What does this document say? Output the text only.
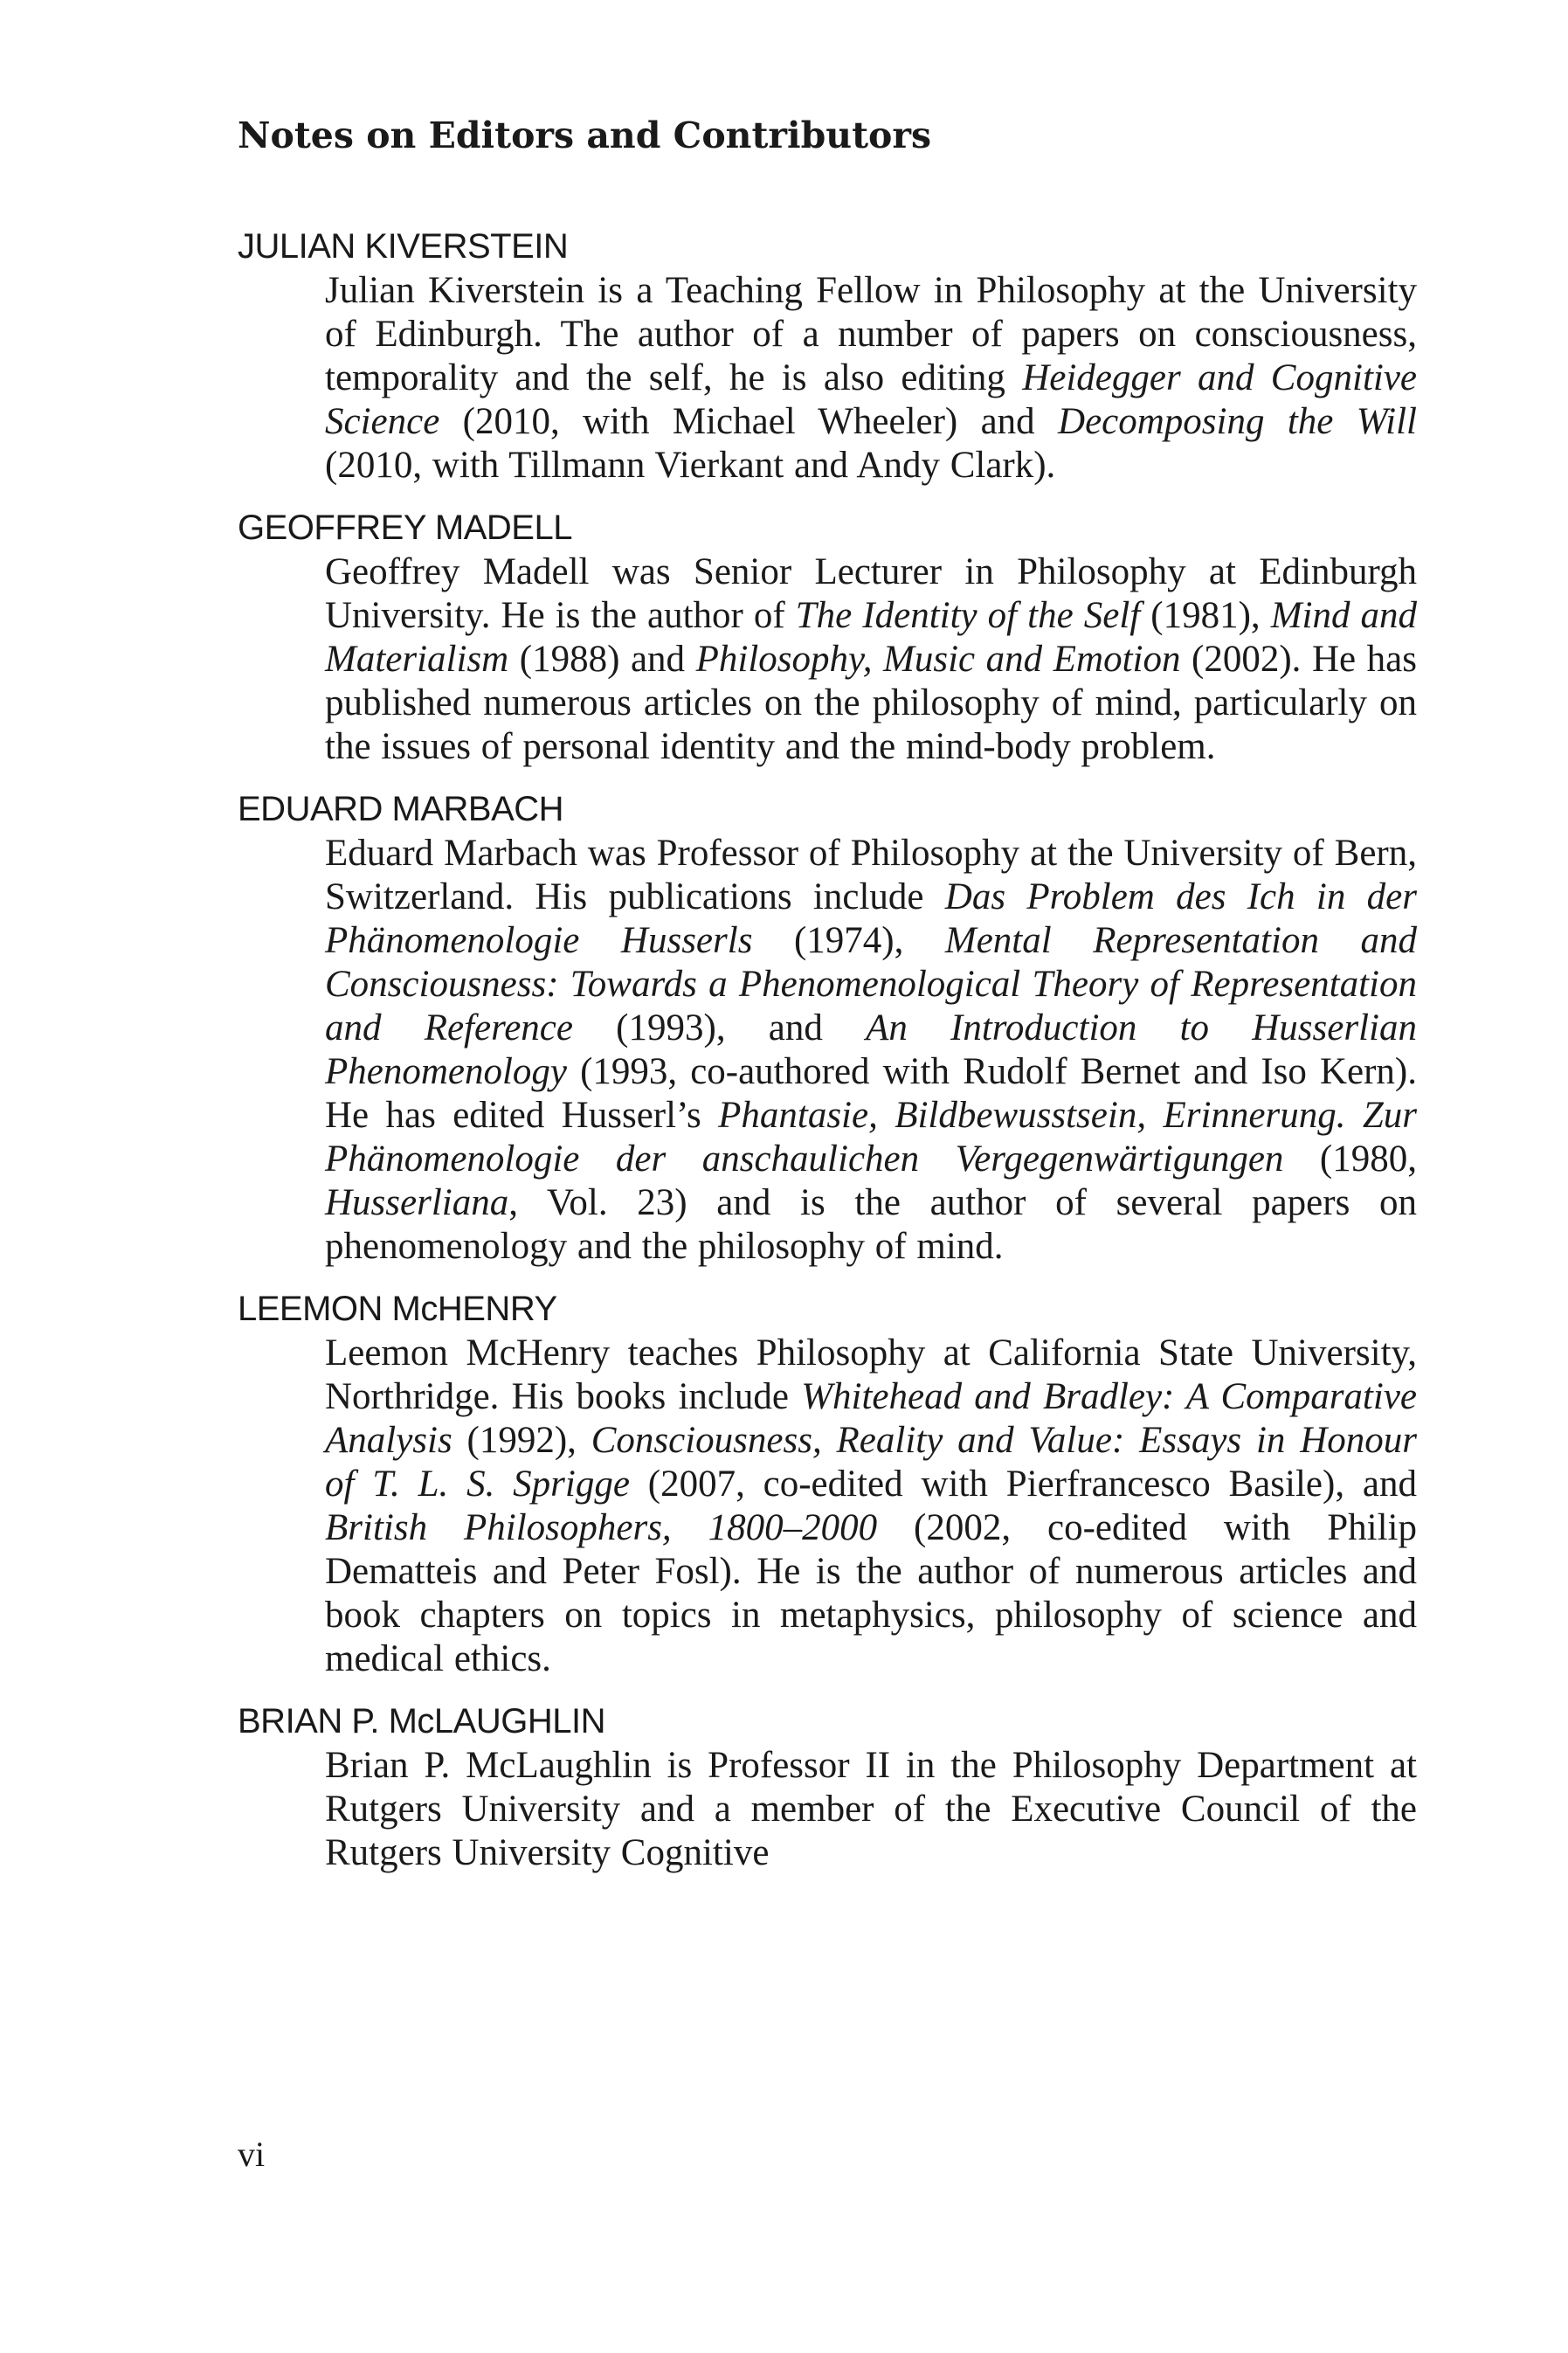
Notes on Editors and Contributors
JULIAN KIVERSTEIN

Julian Kiverstein is a Teaching Fellow in Philosophy at the University of Edinburgh. The author of a number of papers on consciousness, temporality and the self, he is also editing Heidegger and Cognitive Science (2010, with Michael Wheeler) and Decomposing the Will (2010, with Tillmann Vierkant and Andy Clark).

GEOFFREY MADELL

Geoffrey Madell was Senior Lecturer in Philosophy at Edinburgh University. He is the author of The Identity of the Self (1981), Mind and Materialism (1988) and Philosophy, Music and Emotion (2002). He has published numerous articles on the philosophy of mind, particularly on the issues of personal identity and the mind-body problem.

EDUARD MARBACH

Eduard Marbach was Professor of Philosophy at the University of Bern, Switzerland. His publications include Das Problem des Ich in der Phänomenologie Husserls (1974), Mental Representation and Consciousness: Towards a Phenomenological Theory of Representation and Reference (1993), and An Introduction to Husserlian Phenomenology (1993, co-authored with Rudolf Bernet and Iso Kern). He has edited Husserl’s Phantasie, Bildbewusstsein, Erinnerung. Zur Phänomenologie der anschaulichen Vergegenwärtigungen (1980, Husserliana, Vol. 23) and is the author of several papers on phenomenology and the philosophy of mind.

LEEMON McHENRY

Leemon McHenry teaches Philosophy at California State University, Northridge. His books include Whitehead and Bradley: A Comparative Analysis (1992), Consciousness, Reality and Value: Essays in Honour of T. L. S. Sprigge (2007, co-edited with Pierfrancesco Basile), and British Philosophers, 1800–2000 (2002, co-edited with Philip Dematteis and Peter Fosl). He is the author of numerous articles and book chapters on topics in metaphysics, philosophy of science and medical ethics.

BRIAN P. McLAUGHLIN

Brian P. McLaughlin is Professor II in the Philosophy Department at Rutgers University and a member of the Executive Council of the Rutgers University Cognitive

vi
